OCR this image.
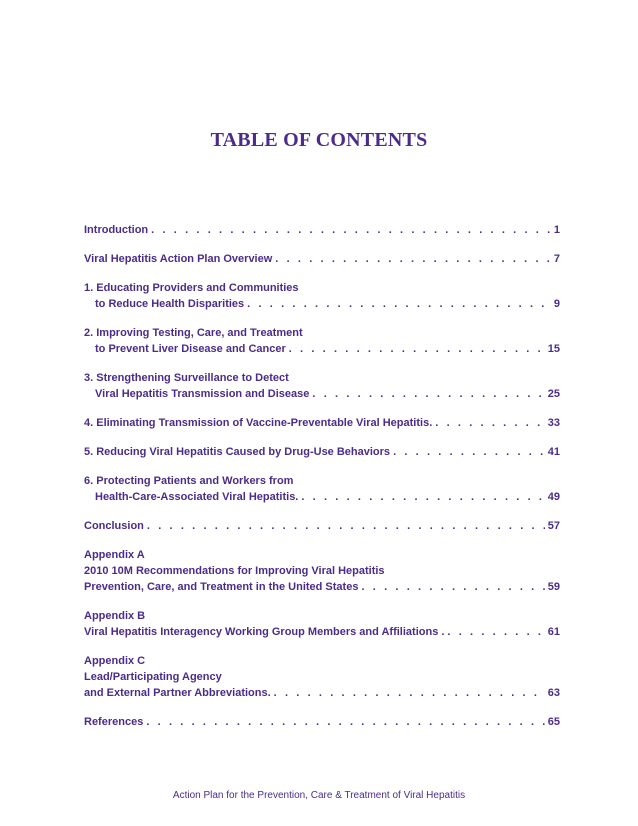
TABLE OF CONTENTS
Introduction . . .	1
Viral Hepatitis Action Plan Overview . . .	7
1. Educating Providers and Communities
to Reduce Health Disparities . . .	9
2. Improving Testing, Care, and Treatment
to Prevent Liver Disease and Cancer . . .	15
3. Strengthening Surveillance to Detect
Viral Hepatitis Transmission and Disease . . .	25
4. Eliminating Transmission of Vaccine-Preventable Viral Hepatitis. . . .	33
5. Reducing Viral Hepatitis Caused by Drug-Use Behaviors . . .	41
6. Protecting Patients and Workers from
Health-Care-Associated Viral Hepatitis. . . .	49
Conclusion . . .	57
Appendix A
2010 10M Recommendations for Improving Viral Hepatitis
Prevention, Care, and Treatment in the United States . . .	59
Appendix B
Viral Hepatitis Interagency Working Group Members and Affiliations . . . .	61
Appendix C
Lead/Participating Agency
and External Partner Abbreviations. . . .	63
References . . .	65
Action Plan for the Prevention, Care & Treatment of Viral Hepatitis
